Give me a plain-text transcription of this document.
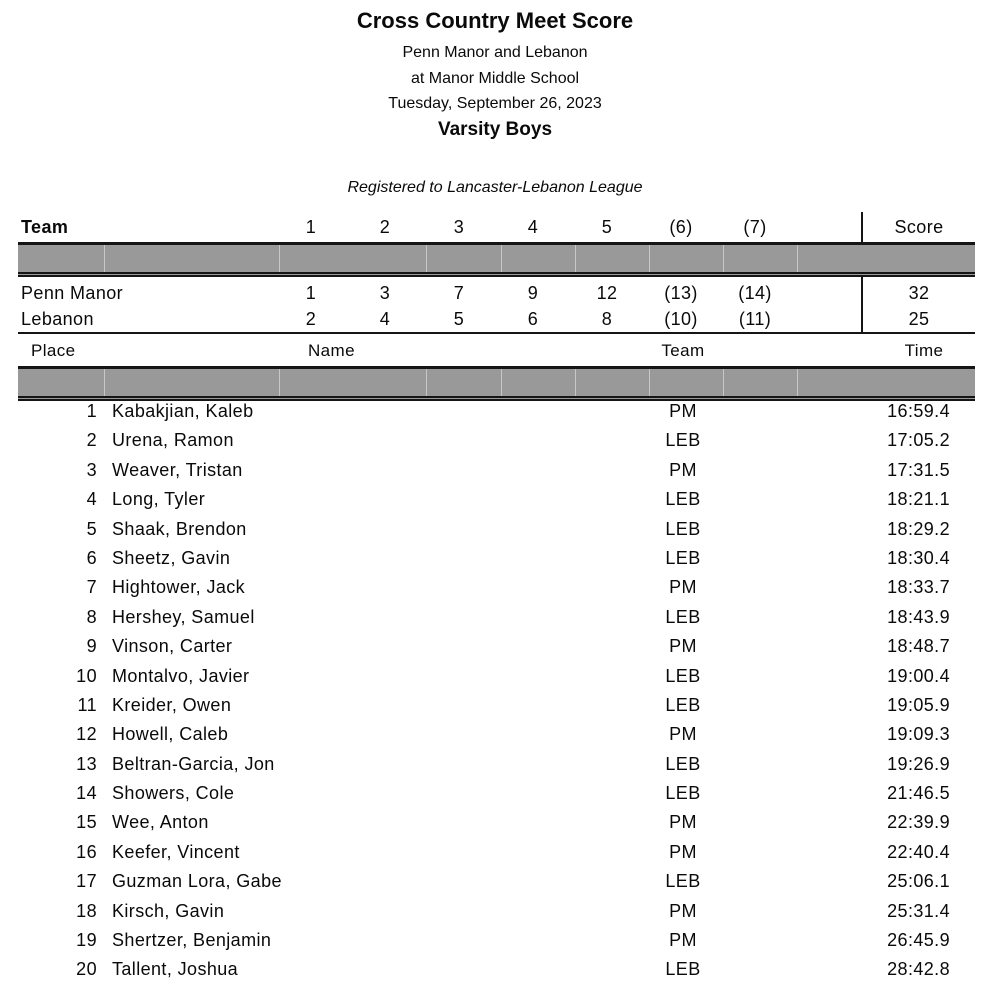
Cross Country Meet Score
Penn Manor and Lebanon
at Manor Middle School
Tuesday, September 26, 2023
Varsity Boys
Registered to Lancaster-Lebanon League
Team	1	2	3	4	5	(6)	(7)	Score
Penn Manor	1	3	7	9	12	(13)	(14)	32
Lebanon	2	4	5	6	8	(10)	(11)	25
Place	Name	Team	Time
1 Kabakjian, Kaleb	PM	16:59.4
2 Urena, Ramon	LEB	17:05.2
3 Weaver, Tristan	PM	17:31.5
4 Long, Tyler	LEB	18:21.1
5 Shaak, Brendon	LEB	18:29.2
6 Sheetz, Gavin	LEB	18:30.4
7 Hightower, Jack	PM	18:33.7
8 Hershey, Samuel	LEB	18:43.9
9 Vinson, Carter	PM	18:48.7
10 Montalvo, Javier	LEB	19:00.4
11 Kreider, Owen	LEB	19:05.9
12 Howell, Caleb	PM	19:09.3
13 Beltran-Garcia, Jon	LEB	19:26.9
14 Showers, Cole	LEB	21:46.5
15 Wee, Anton	PM	22:39.9
16 Keefer, Vincent	PM	22:40.4
17 Guzman Lora, Gabe	LEB	25:06.1
18 Kirsch, Gavin	PM	25:31.4
19 Shertzer, Benjamin	PM	26:45.9
20 Tallent, Joshua	LEB	28:42.8
